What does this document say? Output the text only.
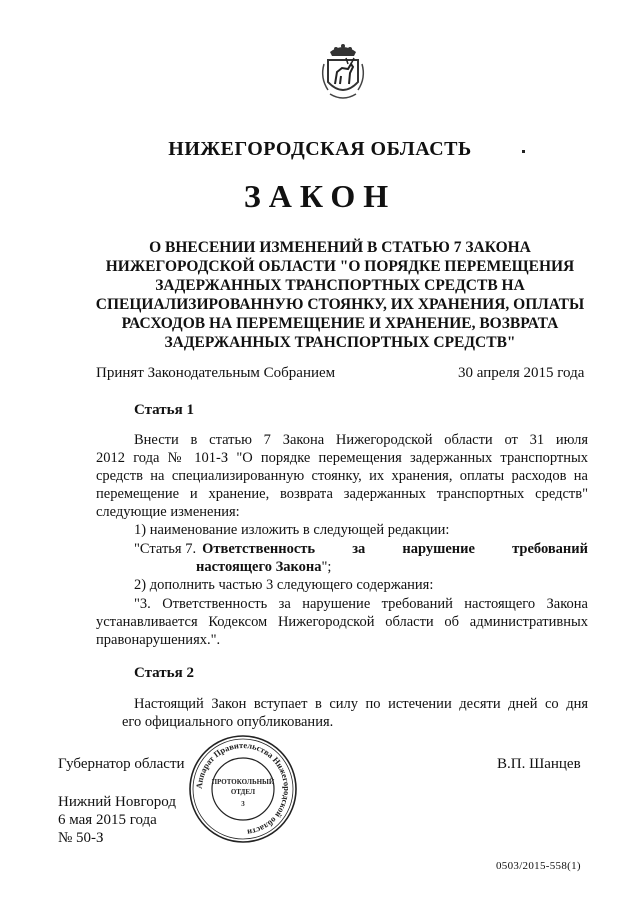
НИЖЕГОРОДСКАЯ ОБЛАСТЬ
ЗАКОН
О ВНЕСЕНИИ ИЗМЕНЕНИЙ В СТАТЬЮ 7 ЗАКОНА
НИЖЕГОРОДСКОЙ ОБЛАСТИ "О ПОРЯДКЕ ПЕРЕМЕЩЕНИЯ
ЗАДЕРЖАННЫХ ТРАНСПОРТНЫХ СРЕДСТВ НА
СПЕЦИАЛИЗИРОВАННУЮ СТОЯНКУ, ИХ ХРАНЕНИЯ, ОПЛАТЫ
РАСХОДОВ НА ПЕРЕМЕЩЕНИЕ И ХРАНЕНИЕ, ВОЗВРАТА
ЗАДЕРЖАННЫХ ТРАНСПОРТНЫХ СРЕДСТВ"
Принят Законодательным Собранием	30 апреля 2015 года
Статья 1
Внести в статью 7 Закона Нижегородской области от 31 июля
2012 года № 101-З "О порядке перемещения задержанных транспортных
средств на специализированную стоянку, их хранения, оплаты расходов на
перемещение и хранение, возврата задержанных транспортных средств"
следующие изменения:
1) наименование изложить в следующей редакции:
"Статья 7. Ответственность	за	нарушение	требований
настоящего Закона";
2) дополнить частью 3 следующего содержания:
"3. Ответственность за нарушение требований настоящего Закона
устанавливается Кодексом Нижегородской области об административных
правонарушениях.".
Статья 2
Настоящий Закон вступает в силу по истечении десяти дней со дня
его официального опубликования.
Губернатор области	В.П. Шанцев
Нижний Новгород
6 мая 2015 года
№ 50-З
Аппарат Правительства Нижегородской области
ПРОТОКОЛЬНЫЙ
ОТДЕЛ
3
0503/2015-558(1)
